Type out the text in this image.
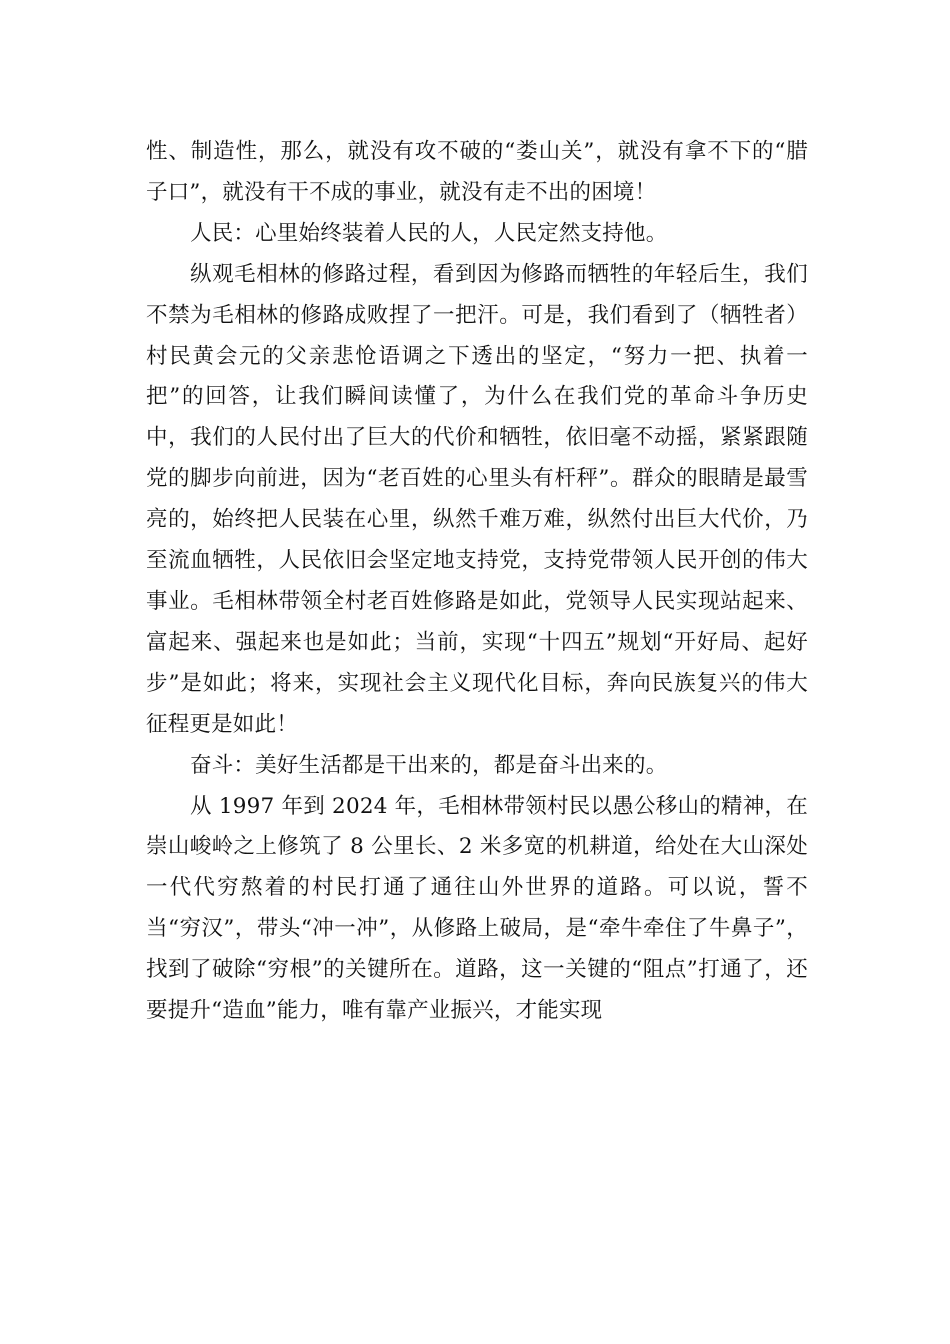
性、制造性，那么，就没有攻不破的“娄山关”，就没有拿不下的“腊子口”，就没有干不成的事业，就没有走不出的困境！

人民：心里始终装着人民的人，人民定然支持他。

纵观毛相林的修路过程，看到因为修路而牺牲的年轻后生，我们不禁为毛相林的修路成败捏了一把汗。可是，我们看到了（牺牲者）村民黄会元的父亲悲怆语调之下透出的坚定，“努力一把、执着一把”的回答，让我们瞬间读懂了，为什么在我们党的革命斗争历史中，我们的人民付出了巨大的代价和牺牲，依旧毫不动摇，紧紧跟随党的脚步向前进，因为“老百姓的心里头有杆秤”。群众的眼睛是最雪亮的，始终把人民装在心里，纵然千难万难，纵然付出巨大代价，乃至流血牺牲，人民依旧会坚定地支持党，支持党带领人民开创的伟大事业。毛相林带领全村老百姓修路是如此，党领导人民实现站起来、富起来、强起来也是如此；当前，实现“十四五”规划“开好局、起好步”是如此；将来，实现社会主义现代化目标，奔向民族复兴的伟大征程更是如此！

奋斗：美好生活都是干出来的，都是奋斗出来的。

从 1997 年到 2024 年，毛相林带领村民以愚公移山的精神，在崇山峻岭之上修筑了 8 公里长、2 米多宽的机耕道，给处在大山深处一代代穷熬着的村民打通了通往山外世界的道路。可以说，誓不当“穷汉”，带头“冲一冲”，从修路上破局，是“牵牛牵住了牛鼻子”，找到了破除“穷根”的关键所在。道路，这一关键的“阻点”打通了，还要提升“造血”能力，唯有靠产业振兴，才能实现
